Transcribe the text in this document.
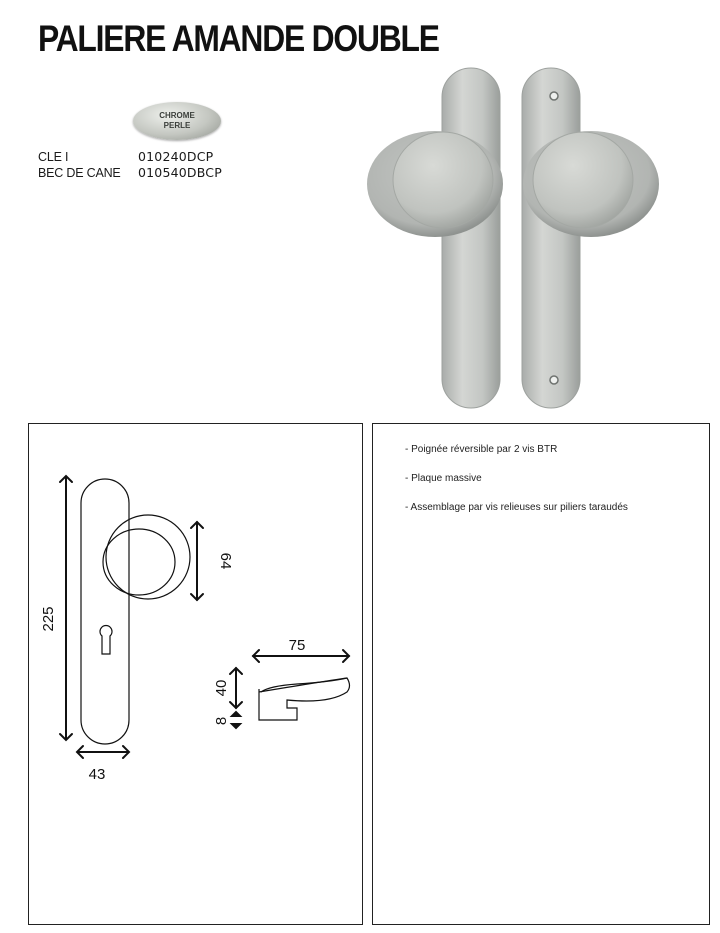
PALIERE AMANDE DOUBLE
CHROME
PERLE
CLE I	010240DCP
BEC DE CANE	010540DBCP
225
43
64
75
40
8
- Poignée réversible par 2 vis BTR
- Plaque massive
- Assemblage par vis relieuses sur piliers taraudés
